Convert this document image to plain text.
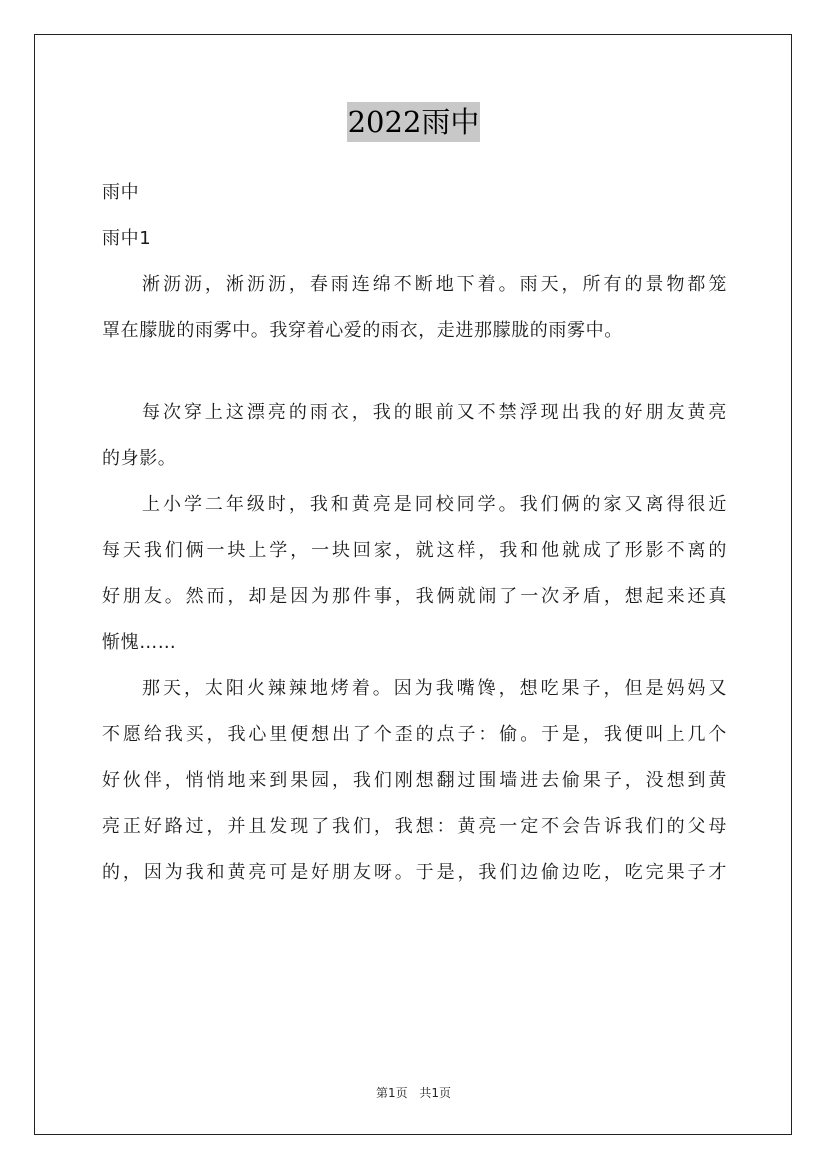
2022雨中
雨中
雨中1
淅沥沥，淅沥沥，春雨连绵不断地下着。雨天，所有的景物都笼
罩在朦胧的雨雾中。我穿着心爱的雨衣，走进那朦胧的雨雾中。
每次穿上这漂亮的雨衣，我的眼前又不禁浮现出我的好朋友黄亮
的身影。
上小学二年级时，我和黄亮是同校同学。我们俩的家又离得很近
每天我们俩一块上学，一块回家，就这样，我和他就成了形影不离的
好朋友。然而，却是因为那件事，我俩就闹了一次矛盾，想起来还真
惭愧……
那天，太阳火辣辣地烤着。因为我嘴馋，想吃果子，但是妈妈又
不愿给我买，我心里便想出了个歪的点子：偷。于是，我便叫上几个
好伙伴，悄悄地来到果园，我们刚想翻过围墙进去偷果子，没想到黄
亮正好路过，并且发现了我们，我想：黄亮一定不会告诉我们的父母
的，因为我和黄亮可是好朋友呀。于是，我们边偷边吃，吃完果子才
第1页 共1页
